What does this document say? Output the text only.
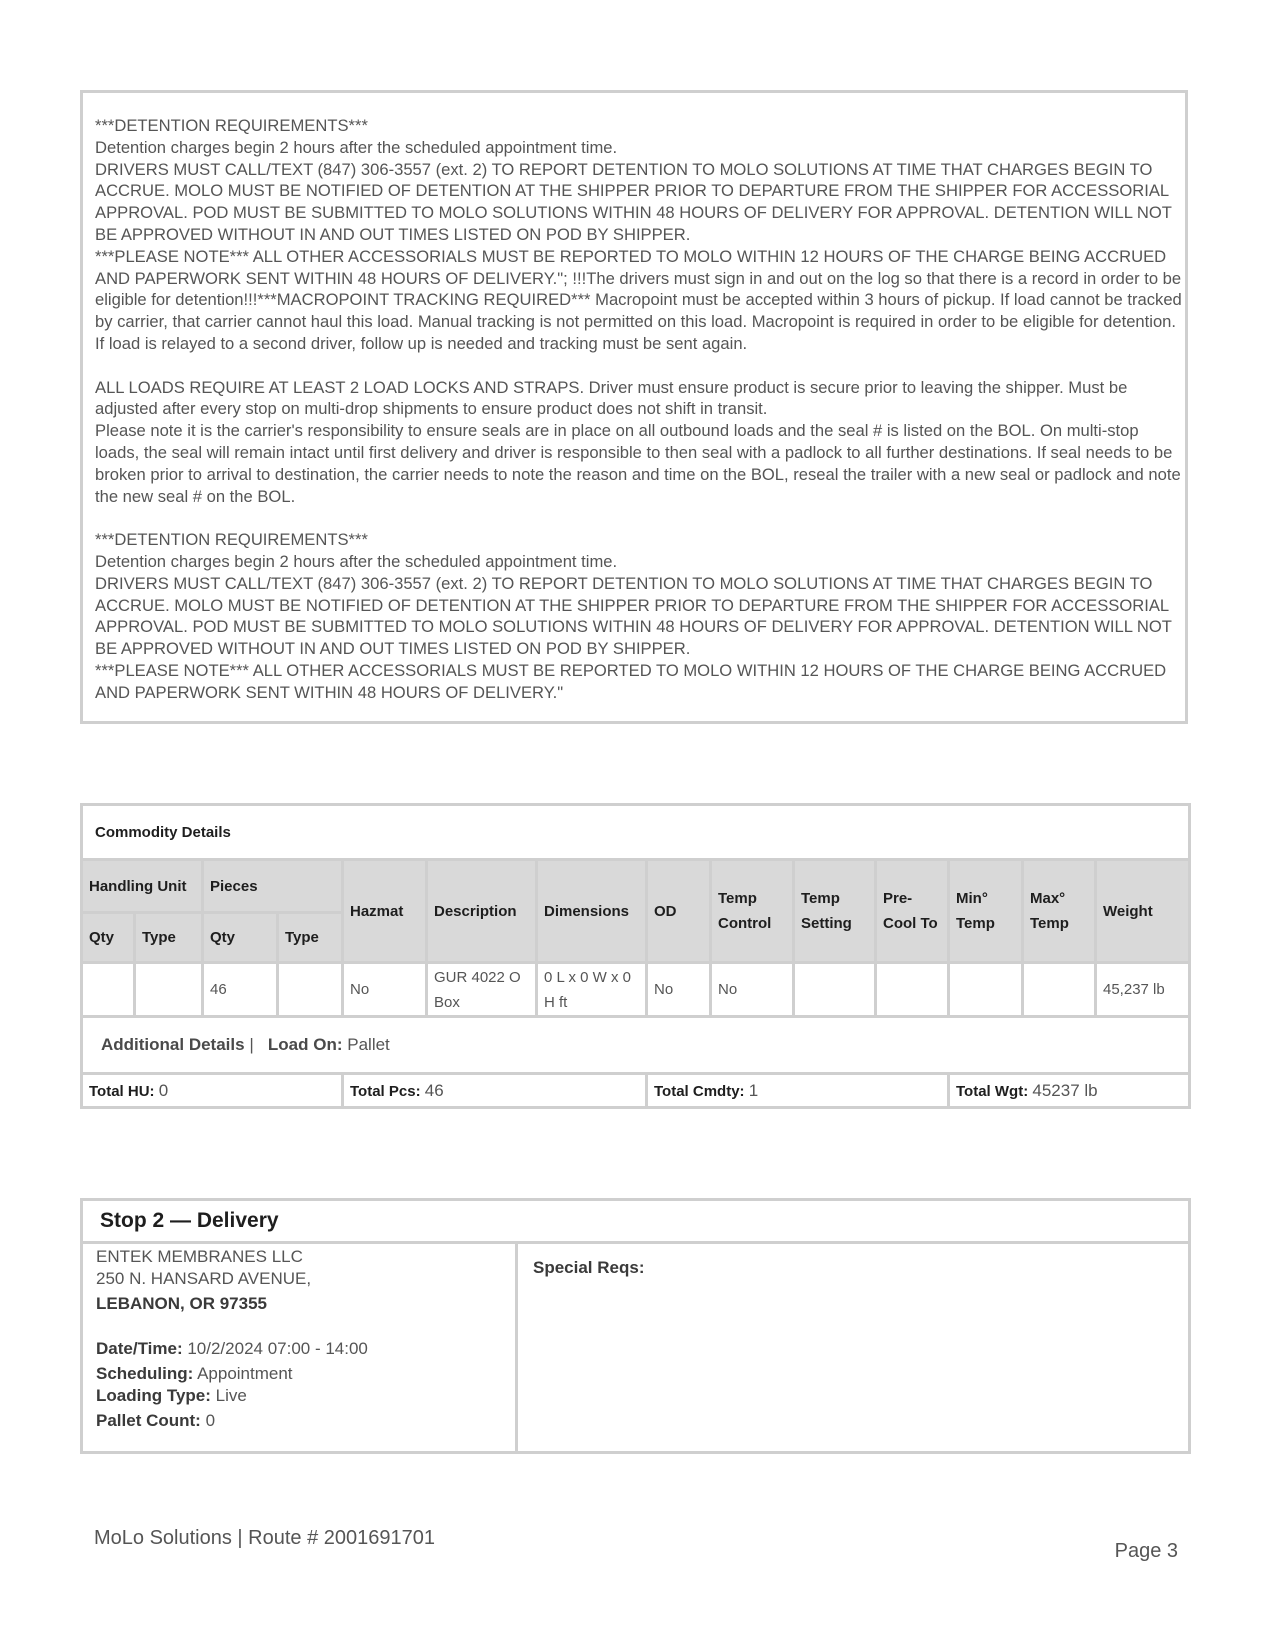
***DETENTION REQUIREMENTS***

Detention charges begin 2 hours after the scheduled appointment time.

DRIVERS MUST CALL/TEXT (847) 306-3557 (ext. 2) TO REPORT DETENTION TO MOLO SOLUTIONS AT TIME THAT CHARGES BEGIN TO ACCRUE. MOLO MUST BE NOTIFIED OF DETENTION AT THE SHIPPER PRIOR TO DEPARTURE FROM THE SHIPPER FOR ACCESSORIAL APPROVAL. POD MUST BE SUBMITTED TO MOLO SOLUTIONS WITHIN 48 HOURS OF DELIVERY FOR APPROVAL. DETENTION WILL NOT BE APPROVED WITHOUT IN AND OUT TIMES LISTED ON POD BY SHIPPER.

***PLEASE NOTE*** ALL OTHER ACCESSORIALS MUST BE REPORTED TO MOLO WITHIN 12 HOURS OF THE CHARGE BEING ACCRUED AND PAPERWORK SENT WITHIN 48 HOURS OF DELIVERY."; !!!The drivers must sign in and out on the log so that there is a record in order to be eligible for detention!!!***MACROPOINT TRACKING REQUIRED*** Macropoint must be accepted within 3 hours of pickup. If load cannot be tracked by carrier, that carrier cannot haul this load. Manual tracking is not permitted on this load. Macropoint is required in order to be eligible for detention.

If load is relayed to a second driver, follow up is needed and tracking must be sent again.

ALL LOADS REQUIRE AT LEAST 2 LOAD LOCKS AND STRAPS. Driver must ensure product is secure prior to leaving the shipper. Must be adjusted after every stop on multi-drop shipments to ensure product does not shift in transit.

Please note it is the carrier's responsibility to ensure seals are in place on all outbound loads and the seal # is listed on the BOL. On multi-stop loads, the seal will remain intact until first delivery and driver is responsible to then seal with a padlock to all further destinations. If seal needs to be broken prior to arrival to destination, the carrier needs to note the reason and time on the BOL, reseal the trailer with a new seal or padlock and note the new seal # on the BOL.

***DETENTION REQUIREMENTS***

Detention charges begin 2 hours after the scheduled appointment time.

DRIVERS MUST CALL/TEXT (847) 306-3557 (ext. 2) TO REPORT DETENTION TO MOLO SOLUTIONS AT TIME THAT CHARGES BEGIN TO ACCRUE. MOLO MUST BE NOTIFIED OF DETENTION AT THE SHIPPER PRIOR TO DEPARTURE FROM THE SHIPPER FOR ACCESSORIAL APPROVAL. POD MUST BE SUBMITTED TO MOLO SOLUTIONS WITHIN 48 HOURS OF DELIVERY FOR APPROVAL. DETENTION WILL NOT BE APPROVED WITHOUT IN AND OUT TIMES LISTED ON POD BY SHIPPER.

***PLEASE NOTE*** ALL OTHER ACCESSORIALS MUST BE REPORTED TO MOLO WITHIN 12 HOURS OF THE CHARGE BEING ACCRUED AND PAPERWORK SENT WITHIN 48 HOURS OF DELIVERY."

Commodity Details													
Handling Unit		Pieces		Hazmat	Description	Dimensions	OD	Temp Control	Temp Setting	Pre-Cool To	Min° Temp	Max° Temp	Weight
Qty	Type	Qty	Type										
		46		No	GUR 4022 O Box	0 L x 0 W x 0 H ft	No	No					45,237 lb
Additional Details | Load On: Pallet													
Total HU: 0				Total Pcs: 46			Total Cmdty: 1				Total Wgt: 45237 lb		
Stop 2 — Delivery

ENTEK MEMBRANES LLC

250 N. HANSARD AVENUE,

LEBANON, OR 97355

Date/Time: 10/2/2024 07:00 - 14:00

Scheduling: Appointment

Loading Type: Live

Pallet Count: 0

	Special Reqs:
MoLo Solutions | Route # 2001691701
Page 3
